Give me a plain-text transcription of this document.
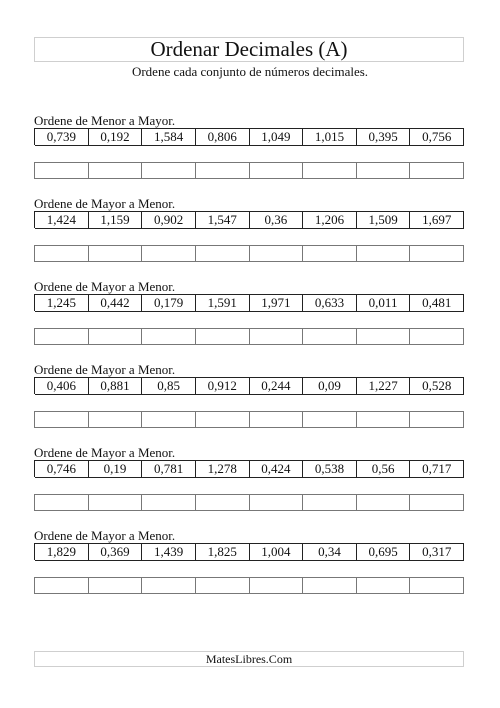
Ordenar Decimales (A)
Ordene cada conjunto de números decimales.
Ordene de Menor a Mayor.
0,739	0,192	1,584	0,806	1,049	1,015	0,395	0,756
Ordene de Mayor a Menor.
1,424	1,159	0,902	1,547	0,36	1,206	1,509	1,697
Ordene de Mayor a Menor.
1,245	0,442	0,179	1,591	1,971	0,633	0,011	0,481
Ordene de Mayor a Menor.
0,406	0,881	0,85	0,912	0,244	0,09	1,227	0,528
Ordene de Mayor a Menor.
0,746	0,19	0,781	1,278	0,424	0,538	0,56	0,717
Ordene de Mayor a Menor.
1,829	0,369	1,439	1,825	1,004	0,34	0,695	0,317
MatesLibres.Com
